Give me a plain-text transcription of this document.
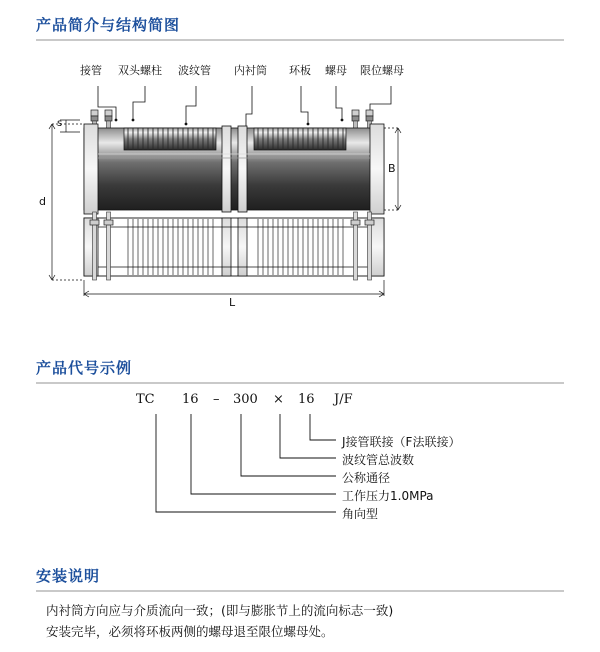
产品简介与结构简图
接管 双头螺柱 波纹管 内衬筒 环板 螺母 限位螺母
s
d
B
L
产品代号示例
TC 16 – 300 × 16 J/F
J接管联接（F法联接）
波纹管总波数
公称通径
工作压力1.0MPa
角向型
安装说明
内衬筒方向应与介质流向一致；(即与膨胀节上的流向标志一致)
安装完毕，必须将环板两侧的螺母退至限位螺母处。
